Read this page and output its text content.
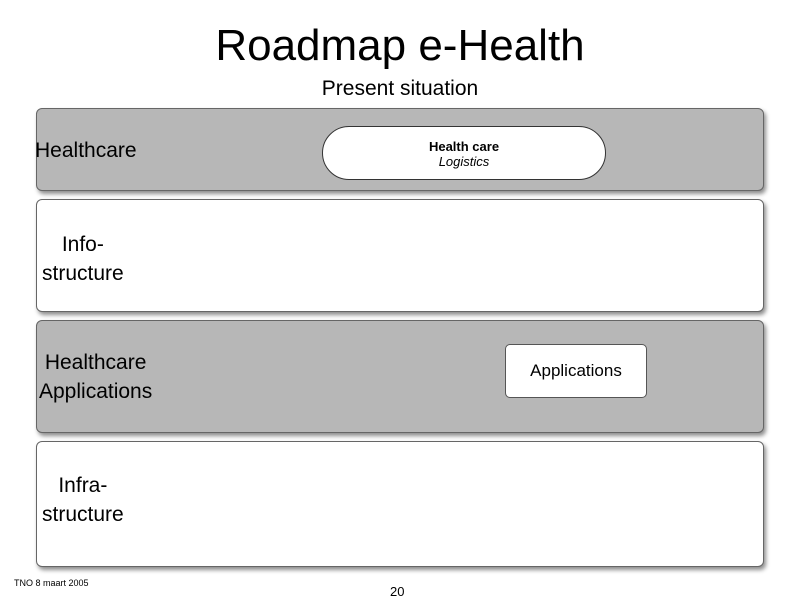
Roadmap e-Health
Present situation
Healthcare
Info-
structure
Healthcare
Applications
Infra-
structure
Health care
Logistics
Applications
TNO 8 maart 2005
20
